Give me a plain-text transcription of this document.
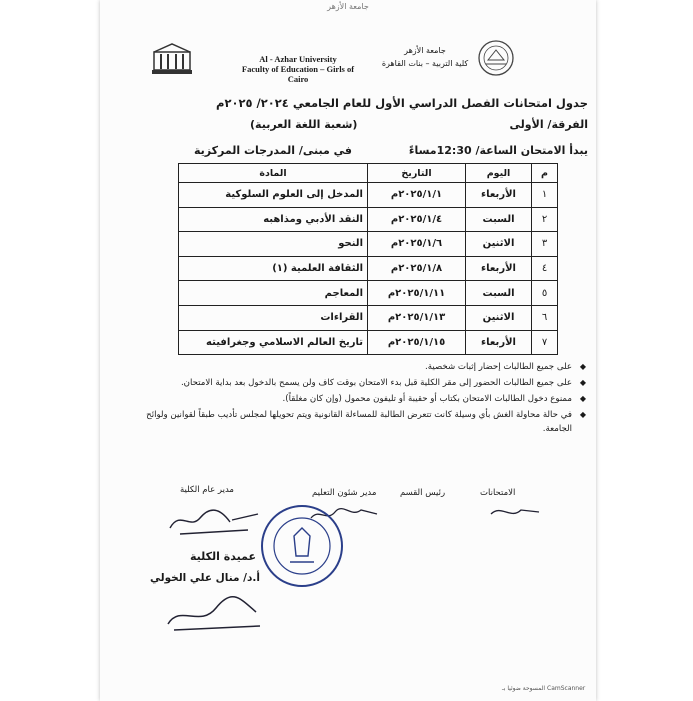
جامعة الأزهر
Al - Azhar University
Faculty of Education – Girls of
Cairo
جامعة الأزهر
كلية التربية – بنات القاهرة
جدول امتحانات الفصل الدراسي الأول للعام الجامعي ٢٠٢٤/ ٢٠٢٥م
الفرقة/ الأولى
(شعبة اللغة العربية)
يبدأ الامتحان الساعة/ 12:30مساءً
في مبنى/ المدرجات المركزية
م	اليوم	التاريخ	المادة
١	الأربعاء	٢٠٢٥/١/١م	المدخل إلى العلوم السلوكية
٢	السبت	٢٠٢٥/١/٤م	النقد الأدبي ومذاهبه
٣	الاثنين	٢٠٢٥/١/٦م	النحو
٤	الأربعاء	٢٠٢٥/١/٨م	الثقافة العلمية (١)
٥	السبت	٢٠٢٥/١/١١م	المعاجم
٦	الاثنين	٢٠٢٥/١/١٣م	القراءات
٧	الأربعاء	٢٠٢٥/١/١٥م	تاريخ العالم الاسلامي وجغرافيته
◆ على جميع الطالبات إحضار إثبات شخصية.
◆ على جميع الطالبات الحضور إلى مقر الكلية قبل بدء الامتحان بوقت كاف ولن يسمح بالدخول بعد بداية الامتحان.
◆ ممنوع دخول الطالبات الامتحان بكتاب أو حقيبة أو تليفون محمول (وإن كان مغلقاً).
◆ في حالة محاولة الغش بأي وسيلة كانت تتعرض الطالبة للمساءلة القانونية ويتم تحويلها لمجلس تأديب طبقاً لقوانين ولوائح الجامعة.
الامتحانات
رئيس القسم
مدير شئون التعليم
مدير عام الكلية
عميدة الكلية
أ.د/ منال علي الخولي
المسوحة ضوئيا بـ CamScanner
